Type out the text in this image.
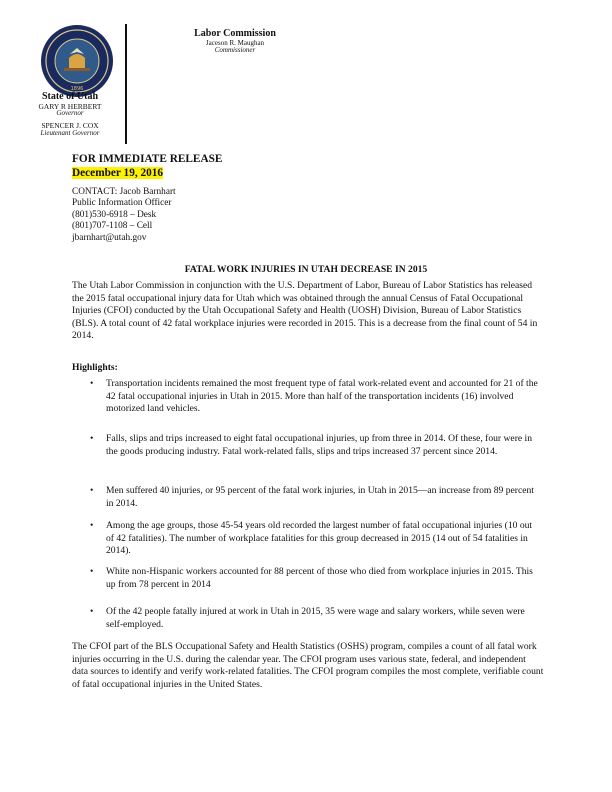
1896
State of Utah
GARY R HERBERT
Governor
SPENCER J. COX
Lieutenant Governor
Labor Commission
Jaceson R. Maughan
Commissioner
FOR IMMEDIATE RELEASE
December 19, 2016
CONTACT: Jacob Barnhart
Public Information Officer
(801)530-6918 – Desk
(801)707-1108 – Cell
jbarnhart@utah.gov
FATAL WORK INJURIES IN UTAH DECREASE IN 2015
The Utah Labor Commission in conjunction with the U.S. Department of Labor, Bureau of Labor Statistics has released the 2015 fatal occupational injury data for Utah which was obtained through the annual Census of Fatal Occupational Injuries (CFOI) conducted by the Utah Occupational Safety and Health (UOSH) Division, Bureau of Labor Statistics (BLS). A total count of 42 fatal workplace injuries were recorded in 2015. This is a decrease from the final count of 54 in 2014.
Highlights:
•	Transportation incidents remained the most frequent type of fatal work-related event and accounted for 21 of the 42 fatal occupational injuries in Utah in 2015. More than half of the transportation incidents (16) involved motorized land vehicles.
•	Falls, slips and trips increased to eight fatal occupational injuries, up from three in 2014. Of these, four were in the goods producing industry. Fatal work-related falls, slips and trips increased 37 percent since 2014.
•	Men suffered 40 injuries, or 95 percent of the fatal work injuries, in Utah in 2015—an increase from 89 percent in 2014.
•	Among the age groups, those 45-54 years old recorded the largest number of fatal occupational injuries (10 out of 42 fatalities). The number of workplace fatalities for this group decreased in 2015 (14 out of 54 fatalities in 2014).
•	White non-Hispanic workers accounted for 88 percent of those who died from workplace injuries in 2015. This up from 78 percent in 2014
•	Of the 42 people fatally injured at work in Utah in 2015, 35 were wage and salary workers, while seven were self-employed.
The CFOI part of the BLS Occupational Safety and Health Statistics (OSHS) program, compiles a count of all fatal work injuries occurring in the U.S. during the calendar year. The CFOI program uses various state, federal, and independent data sources to identify and verify work-related fatalities. The CFOI program compiles the most complete, verifiable count of fatal occupational injuries in the United States.
